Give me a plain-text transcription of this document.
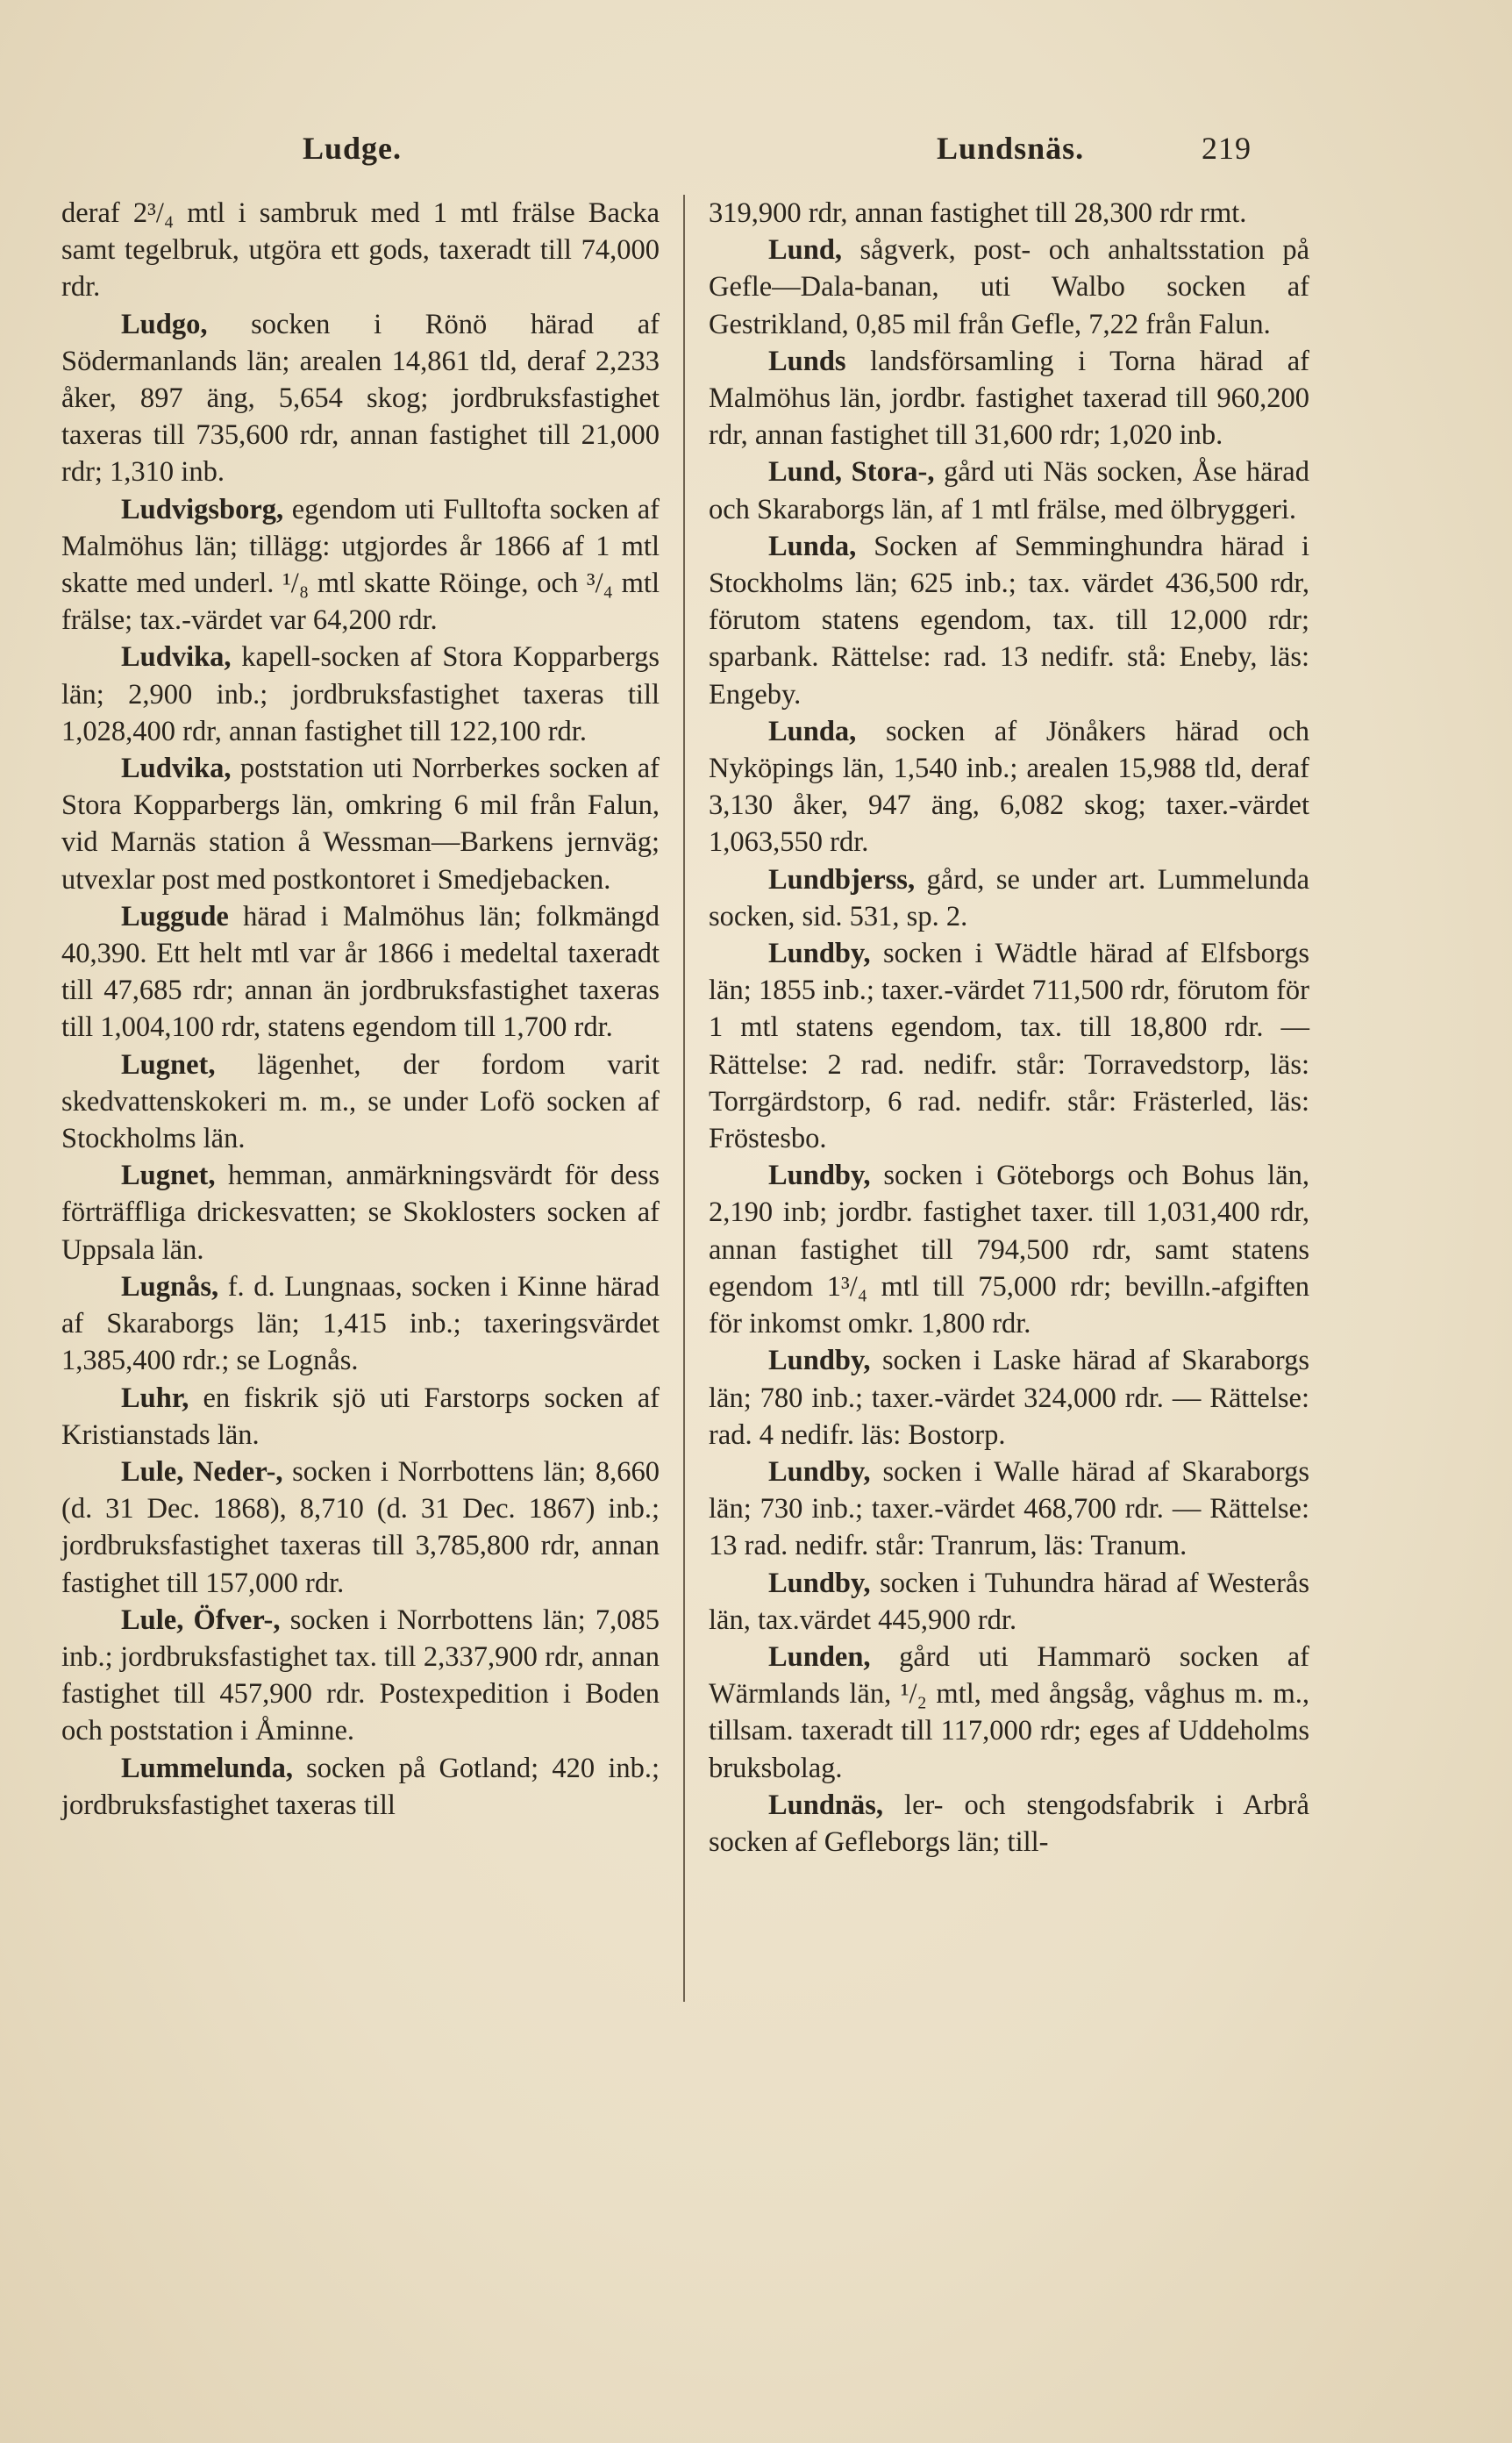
Ludge.	Lundsnäs.	219

deraf 2³/₄ mtl i sambruk med 1 mtl frälse Backa samt tegelbruk, utgöra ett gods, taxeradt till 74,000 rdr.

Ludgo, socken i Rönö härad af Södermanlands län; arealen 14,861 tld, deraf 2,233 åker, 897 äng, 5,654 skog; jordbruksfastighet taxeras till 735,600 rdr, annan fastighet till 21,000 rdr; 1,310 inb.

Ludvigsborg, egendom uti Fulltofta socken af Malmöhus län; tillägg: utgjordes år 1866 af 1 mtl skatte med underl. ¹/₈ mtl skatte Röinge, och ³/₄ mtl frälse; tax.-värdet var 64,200 rdr.

Ludvika, kapell-socken af Stora Kopparbergs län; 2,900 inb.; jordbruksfastighet taxeras till 1,028,400 rdr, annan fastighet till 122,100 rdr.

Ludvika, poststation uti Norrberkes socken af Stora Kopparbergs län, omkring 6 mil från Falun, vid Marnäs station å Wessman—Barkens jernväg; utvexlar post med postkontoret i Smedjebacken.

Luggude härad i Malmöhus län; folkmängd 40,390. Ett helt mtl var år 1866 i medeltal taxeradt till 47,685 rdr; annan än jordbruksfastighet taxeras till 1,004,100 rdr, statens egendom till 1,700 rdr.

Lugnet, lägenhet, der fordom varit skedvattenskokeri m. m., se under Lofö socken af Stockholms län.

Lugnet, hemman, anmärkningsvärdt för dess förträffliga drickesvatten; se Skoklosters socken af Uppsala län.

Lugnås, f. d. Lungnaas, socken i Kinne härad af Skaraborgs län; 1,415 inb.; taxeringsvärdet 1,385,400 rdr.; se Lognås.

Luhr, en fiskrik sjö uti Farstorps socken af Kristianstads län.

Lule, Neder-, socken i Norrbottens län; 8,660 (d. 31 Dec. 1868), 8,710 (d. 31 Dec. 1867) inb.; jordbruksfastighet taxeras till 3,785,800 rdr, annan fastighet till 157,000 rdr.

Lule, Öfver-, socken i Norrbottens län; 7,085 inb.; jordbruksfastighet tax. till 2,337,900 rdr, annan fastighet till 457,900 rdr. Postexpedition i Boden och poststation i Åminne.

Lummelunda, socken på Gotland; 420 inb.; jordbruksfastighet taxeras till

319,900 rdr, annan fastighet till 28,300 rdr rmt.

Lund, sågverk, post- och anhaltsstation på Gefle—Dala-banan, uti Walbo socken af Gestrikland, 0,85 mil från Gefle, 7,22 från Falun.

Lunds landsförsamling i Torna härad af Malmöhus län, jordbr. fastighet taxerad till 960,200 rdr, annan fastighet till 31,600 rdr; 1,020 inb.

Lund, Stora-, gård uti Näs socken, Åse härad och Skaraborgs län, af 1 mtl frälse, med ölbryggeri.

Lunda, Socken af Semminghundra härad i Stockholms län; 625 inb.; tax. värdet 436,500 rdr, förutom statens egendom, tax. till 12,000 rdr; sparbank. Rättelse: rad. 13 nedifr. stå: Eneby, läs: Engeby.

Lunda, socken af Jönåkers härad och Nyköpings län, 1,540 inb.; arealen 15,988 tld, deraf 3,130 åker, 947 äng, 6,082 skog; taxer.-värdet 1,063,550 rdr.

Lundbjerss, gård, se under art. Lummelunda socken, sid. 531, sp. 2.

Lundby, socken i Wädtle härad af Elfsborgs län; 1855 inb.; taxer.-värdet 711,500 rdr, förutom för 1 mtl statens egendom, tax. till 18,800 rdr. — Rättelse: 2 rad. nedifr. står: Torravedstorp, läs: Torrgärdstorp, 6 rad. nedifr. står: Frästerled, läs: Fröstesbo.

Lundby, socken i Göteborgs och Bohus län, 2,190 inb; jordbr. fastighet taxer. till 1,031,400 rdr, annan fastighet till 794,500 rdr, samt statens egendom 1³/₄ mtl till 75,000 rdr; bevilln.-afgiften för inkomst omkr. 1,800 rdr.

Lundby, socken i Laske härad af Skaraborgs län; 780 inb.; taxer.-värdet 324,000 rdr. — Rättelse: rad. 4 nedifr. läs: Bostorp.

Lundby, socken i Walle härad af Skaraborgs län; 730 inb.; taxer.-värdet 468,700 rdr. — Rättelse: 13 rad. nedifr. står: Tranrum, läs: Tranum.

Lundby, socken i Tuhundra härad af Westerås län, tax.värdet 445,900 rdr.

Lunden, gård uti Hammarö socken af Wärmlands län, ¹/₂ mtl, med ångsåg, våghus m. m., tillsam. taxeradt till 117,000 rdr; eges af Uddeholms bruksbolag.

Lundnäs, ler- och stengodsfabrik i Arbrå socken af Gefleborgs län; till-
